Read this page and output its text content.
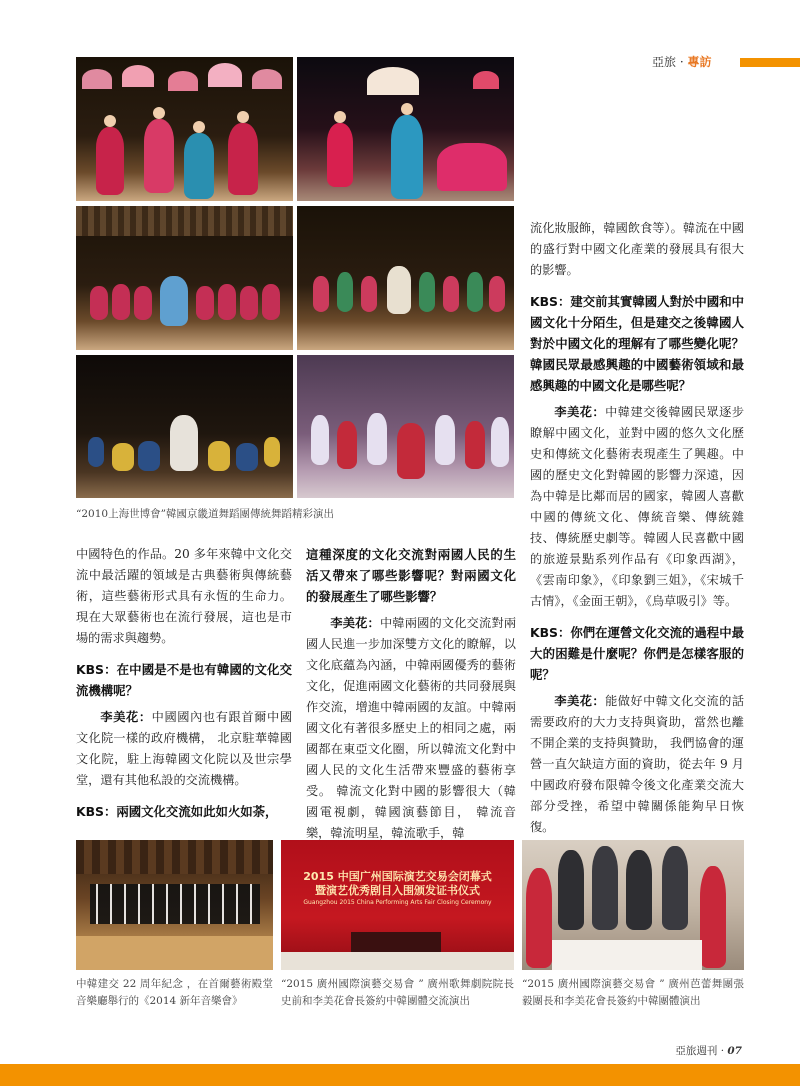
亞旅 · 專訪
“2010上海世博會”韓國京畿道舞蹈團傳統舞蹈精彩演出

中國特色的作品。20 多年來韓中文化交流中最活躍的領域是古典藝術與傳統藝術，這些藝術形式具有永恆的生命力。現在大眾藝術也在流行發展，這也是市場的需求與趨勢。

KBS：在中國是不是也有韓國的文化交流機構呢？

李美花：中國國內也有跟首爾中國文化院一樣的政府機構， 北京駐華韓國文化院，駐上海韓國文化院以及世宗學堂，還有其他私設的交流機構。

KBS：兩國文化交流如此如火如荼，

這種深度的文化交流對兩國人民的生活又帶來了哪些影響呢？對兩國文化的發展產生了哪些影響？

李美花：中韓兩國的文化交流對兩國人民進一步加深雙方文化的瞭解，以文化底蘊為內涵，中韓兩國優秀的藝術文化，促進兩國文化藝術的共同發展與作交流，增進中韓兩國的友誼。中韓兩國文化有著很多歷史上的相同之處，兩國都在東亞文化圈，所以韓流文化對中國人民的文化生活帶來豐盛的藝術享受。 韓流文化對中國的影響很大（韓國電視劇，韓國演藝節目， 韓流音樂，韓流明星，韓流歌手，韓

流化妝服飾，韓國飲食等）。韓流在中國的盛行對中國文化產業的發展具有很大的影響。

KBS：建交前其實韓國人對於中國和中國文化十分陌生，但是建交之後韓國人對於中國文化的理解有了哪些變化呢？韓國民眾最感興趣的中國藝術領域和最感興趣的中國文化是哪些呢？

李美花：中韓建交後韓國民眾逐步瞭解中國文化，並對中國的悠久文化歷史和傳統文化藝術表現產生了興趣。中國的歷史文化對韓國的影響力深遠，因為中韓是比鄰而居的國家，韓國人喜歡中國的傳統文化、傳統音樂、傳統雜技、傳統歷史劇等。韓國人民喜歡中國的旅遊景點系列作品有《印象西湖》，《雲南印象》，《印象劉三姐》，《宋城千古情》，《金面王朝》，《烏草吸引》等。

KBS：你們在運營文化交流的過程中最大的困難是什麼呢？你們是怎樣客服的呢？

李美花：能做好中韓文化交流的話需要政府的大力支持與資助，當然也離不開企業的支持與贊助， 我們協會的運營一直欠缺這方面的資助，從去年 9 月中國政府發布限韓令後文化產業交流大部分受挫，希望中韓關係能夠早日恢復。

2015 中国广州国际演艺交易会闭幕式
暨演艺优秀剧目入围颁发证书仪式
Guangzhou 2015 China Performing Arts Fair Closing Ceremony
中韓建交 22 周年紀念 ，在首爾藝術殿堂音樂廳舉行的《2014 新年音樂會》
“2015 廣州國際演藝交易會 ” 廣州歌舞劇院院長史前和李美花會長簽約中韓團體交流演出
“2015 廣州國際演藝交易會 ” 廣州芭蕾舞團張毅團長和李美花會長簽約中韓團體演出
亞旅週刊 · 07
